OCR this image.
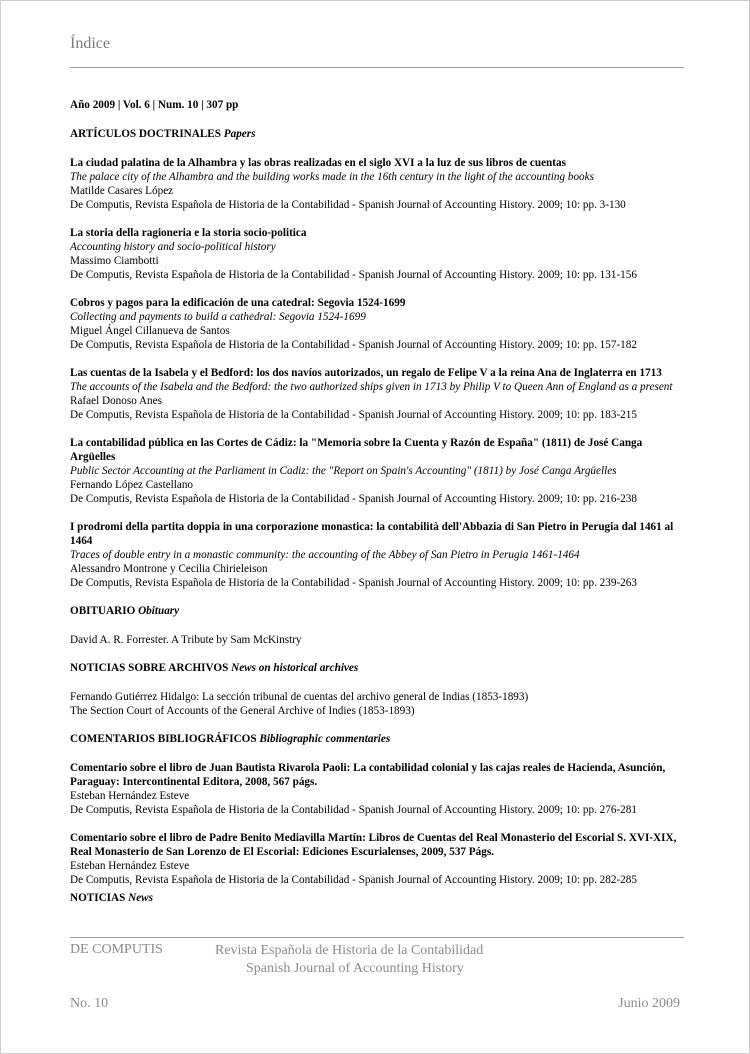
Índice

Año 2009 | Vol. 6 | Num. 10 | 307 pp

ARTÍCULOS DOCTRINALES Papers

La ciudad palatina de la Alhambra y las obras realizadas en el siglo XVI a la luz de sus libros de cuentas
The palace city of the Alhambra and the building works made in the 16th century in the light of the accounting books
Matilde Casares López
De Computis, Revista Española de Historia de la Contabilidad - Spanish Journal of Accounting History. 2009; 10: pp. 3-130
La storia della ragioneria e la storia socio-politica
Accounting history and socio-political history
Massimo Ciambotti
De Computis, Revista Española de Historia de la Contabilidad - Spanish Journal of Accounting History. 2009; 10: pp. 131-156
Cobros y pagos para la edificación de una catedral: Segovia 1524-1699
Collecting and payments to build a cathedral: Segovia 1524-1699
Miguel Ángel Cillanueva de Santos
De Computis, Revista Española de Historia de la Contabilidad - Spanish Journal of Accounting History. 2009; 10: pp. 157-182
Las cuentas de la Isabela y el Bedford: los dos navíos autorizados, un regalo de Felipe V a la reina Ana de Inglaterra en 1713
The accounts of the Isabela and the Bedford: the two authorized ships given in 1713 by Philip V to Queen Ann of England as a present
Rafael Donoso Anes
De Computis, Revista Española de Historia de la Contabilidad - Spanish Journal of Accounting History. 2009; 10: pp. 183-215
La contabilidad pública en las Cortes de Cádiz: la "Memoria sobre la Cuenta y Razón de España" (1811) de José Canga Argüelles
Public Sector Accounting at the Parliament in Cadiz: the "Report on Spain's Accounting" (1811) by José Canga Argüelles
Fernando López Castellano
De Computis, Revista Española de Historia de la Contabilidad - Spanish Journal of Accounting History. 2009; 10: pp. 216-238
I prodromi della partita doppia in una corporazione monastica: la contabilità dell'Abbazia di San Pietro in Perugia dal 1461 al 1464
Traces of double entry in a monastic community: the accounting of the Abbey of San Pietro in Perugia 1461-1464
Alessandro Montrone y Cecilia Chirieleison
De Computis, Revista Española de Historia de la Contabilidad - Spanish Journal of Accounting History. 2009; 10: pp. 239-263

OBITUARIO Obituary

David A. R. Forrester. A Tribute by Sam McKinstry

NOTICIAS SOBRE ARCHIVOS News on historical archives

Fernando Gutiérrez Hidalgo: La sección tribunal de cuentas del archivo general de Indias (1853-1893)
The Section Court of Accounts of the General Archive of Indies (1853-1893)

COMENTARIOS BIBLIOGRÁFICOS Bibliographic commentaries

Comentario sobre el libro de Juan Bautista Rivarola Paoli: La contabilidad colonial y las cajas reales de Hacienda, Asunción, Paraguay: Intercontinental Editora, 2008, 567 págs.
Esteban Hernández Esteve
De Computis, Revista Española de Historia de la Contabilidad - Spanish Journal of Accounting History. 2009; 10: pp. 276-281
Comentario sobre el libro de Padre Benito Mediavilla Martín: Libros de Cuentas del Real Monasterio del Escorial S. XVI-XIX, Real Monasterio de San Lorenzo de El Escorial: Ediciones Escurialenses, 2009, 537 Págs.
Esteban Hernández Esteve
De Computis, Revista Española de Historia de la Contabilidad - Spanish Journal of Accounting History. 2009; 10: pp. 282-285

NOTICIAS News

DE COMPUTIS	Revista Española de Historia de la Contabilidad
Spanish Journal of Accounting History
No. 10	Junio 2009
